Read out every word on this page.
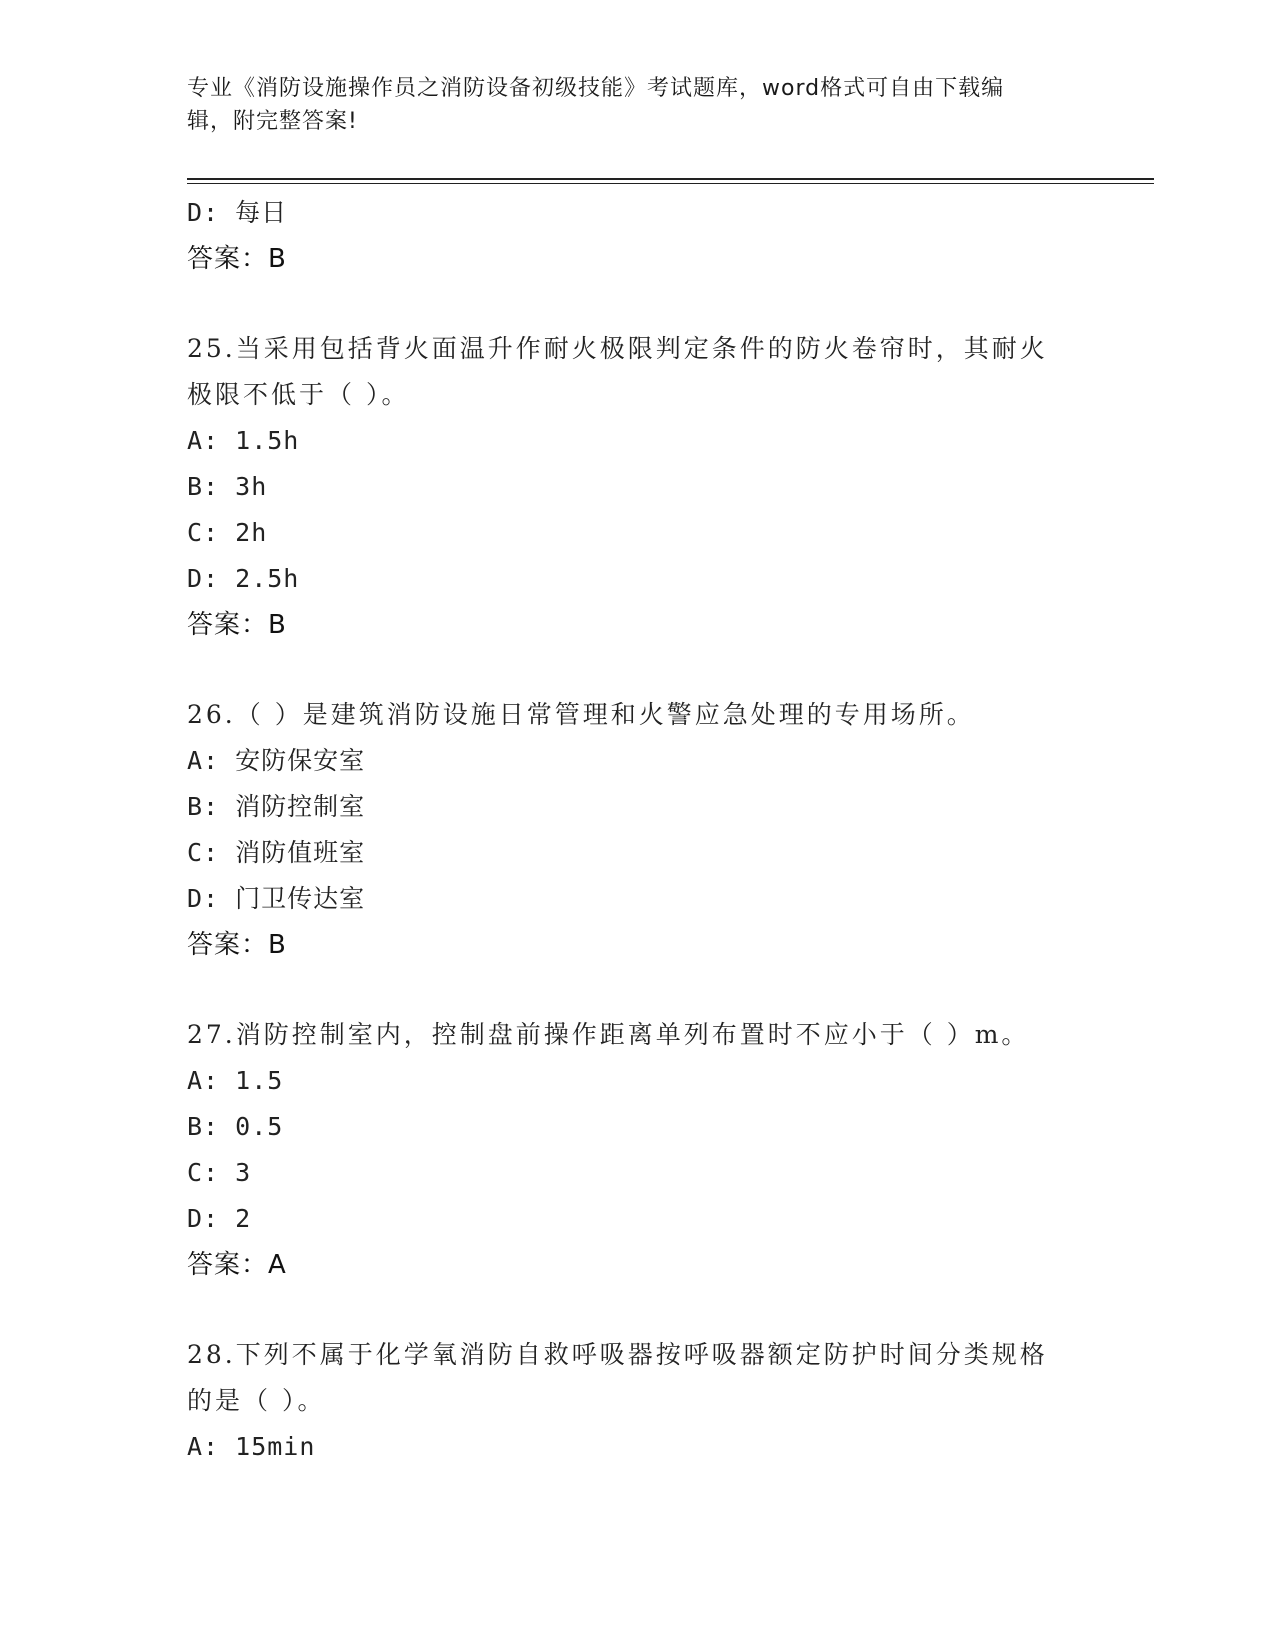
专业《消防设施操作员之消防设备初级技能》考试题库，word格式可自由下载编
辑，附完整答案!
D: 每日
答案：B
25.当采用包括背火面温升作耐火极限判定条件的防火卷帘时，其耐火
极限不低于（ ）。
A: 1.5h
B: 3h
C: 2h
D: 2.5h
答案：B
26.（ ）是建筑消防设施日常管理和火警应急处理的专用场所。
A: 安防保安室
B: 消防控制室
C: 消防值班室
D: 门卫传达室
答案：B
27.消防控制室内，控制盘前操作距离单列布置时不应小于（ ）m。
A: 1.5
B: 0.5
C: 3
D: 2
答案：A
28.下列不属于化学氧消防自救呼吸器按呼吸器额定防护时间分类规格
的是（ ）。
A: 15min
